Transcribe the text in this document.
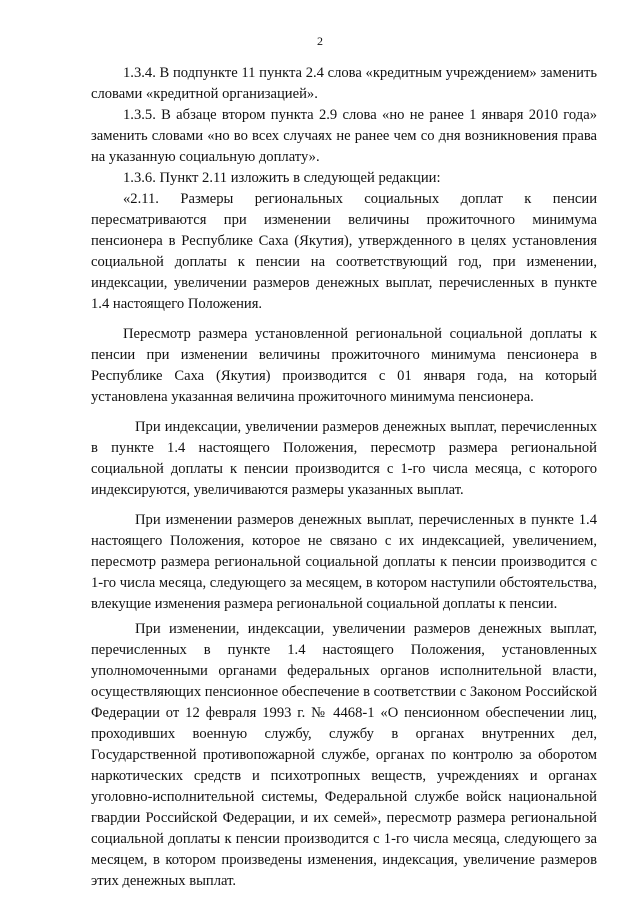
2

1.3.4. В подпункте 11 пункта 2.4 слова «кредитным учреждением» заменить словами «кредитной организацией».

1.3.5. В абзаце втором пункта 2.9 слова «но не ранее 1 января 2010 года» заменить словами «но во всех случаях не ранее чем со дня возникновения права на указанную социальную доплату».

1.3.6. Пункт 2.11 изложить в следующей редакции:

«2.11. Размеры региональных социальных доплат к пенсии пересматриваются при изменении величины прожиточного минимума пенсионера в Республике Саха (Якутия), утвержденного в целях установления социальной доплаты к пенсии на соответствующий год, при изменении, индексации, увеличении размеров денежных выплат, перечисленных в пункте 1.4 настоящего Положения.

Пересмотр размера установленной региональной социальной доплаты к пенсии при изменении величины прожиточного минимума пенсионера в Республике Саха (Якутия) производится с 01 января года, на который установлена указанная величина прожиточного минимума пенсионера.

При индексации, увеличении размеров денежных выплат, перечисленных в пункте 1.4 настоящего Положения, пересмотр размера региональной социальной доплаты к пенсии производится с 1-го числа месяца, с которого индексируются, увеличиваются размеры указанных выплат.

При изменении размеров денежных выплат, перечисленных в пункте 1.4 настоящего Положения, которое не связано с их индексацией, увеличением, пересмотр размера региональной социальной доплаты к пенсии производится с 1-го числа месяца, следующего за месяцем, в котором наступили обстоятельства, влекущие изменения размера региональной социальной доплаты к пенсии.

При изменении, индексации, увеличении размеров денежных выплат, перечисленных в пункте 1.4 настоящего Положения, установленных уполномоченными органами федеральных органов исполнительной власти, осуществляющих пенсионное обеспечение в соответствии с Законом Российской Федерации от 12 февраля 1993 г. № 4468-1 «О пенсионном обеспечении лиц, проходивших военную службу, службу в органах внутренних дел, Государственной противопожарной службе, органах по контролю за оборотом наркотических средств и психотропных веществ, учреждениях и органах уголовно-исполнительной системы, Федеральной службе войск национальной гвардии Российской Федерации, и их семей», пересмотр размера региональной социальной доплаты к пенсии производится с 1-го числа месяца, следующего за месяцем, в котором произведены изменения, индексация, увеличение размеров этих денежных выплат.
